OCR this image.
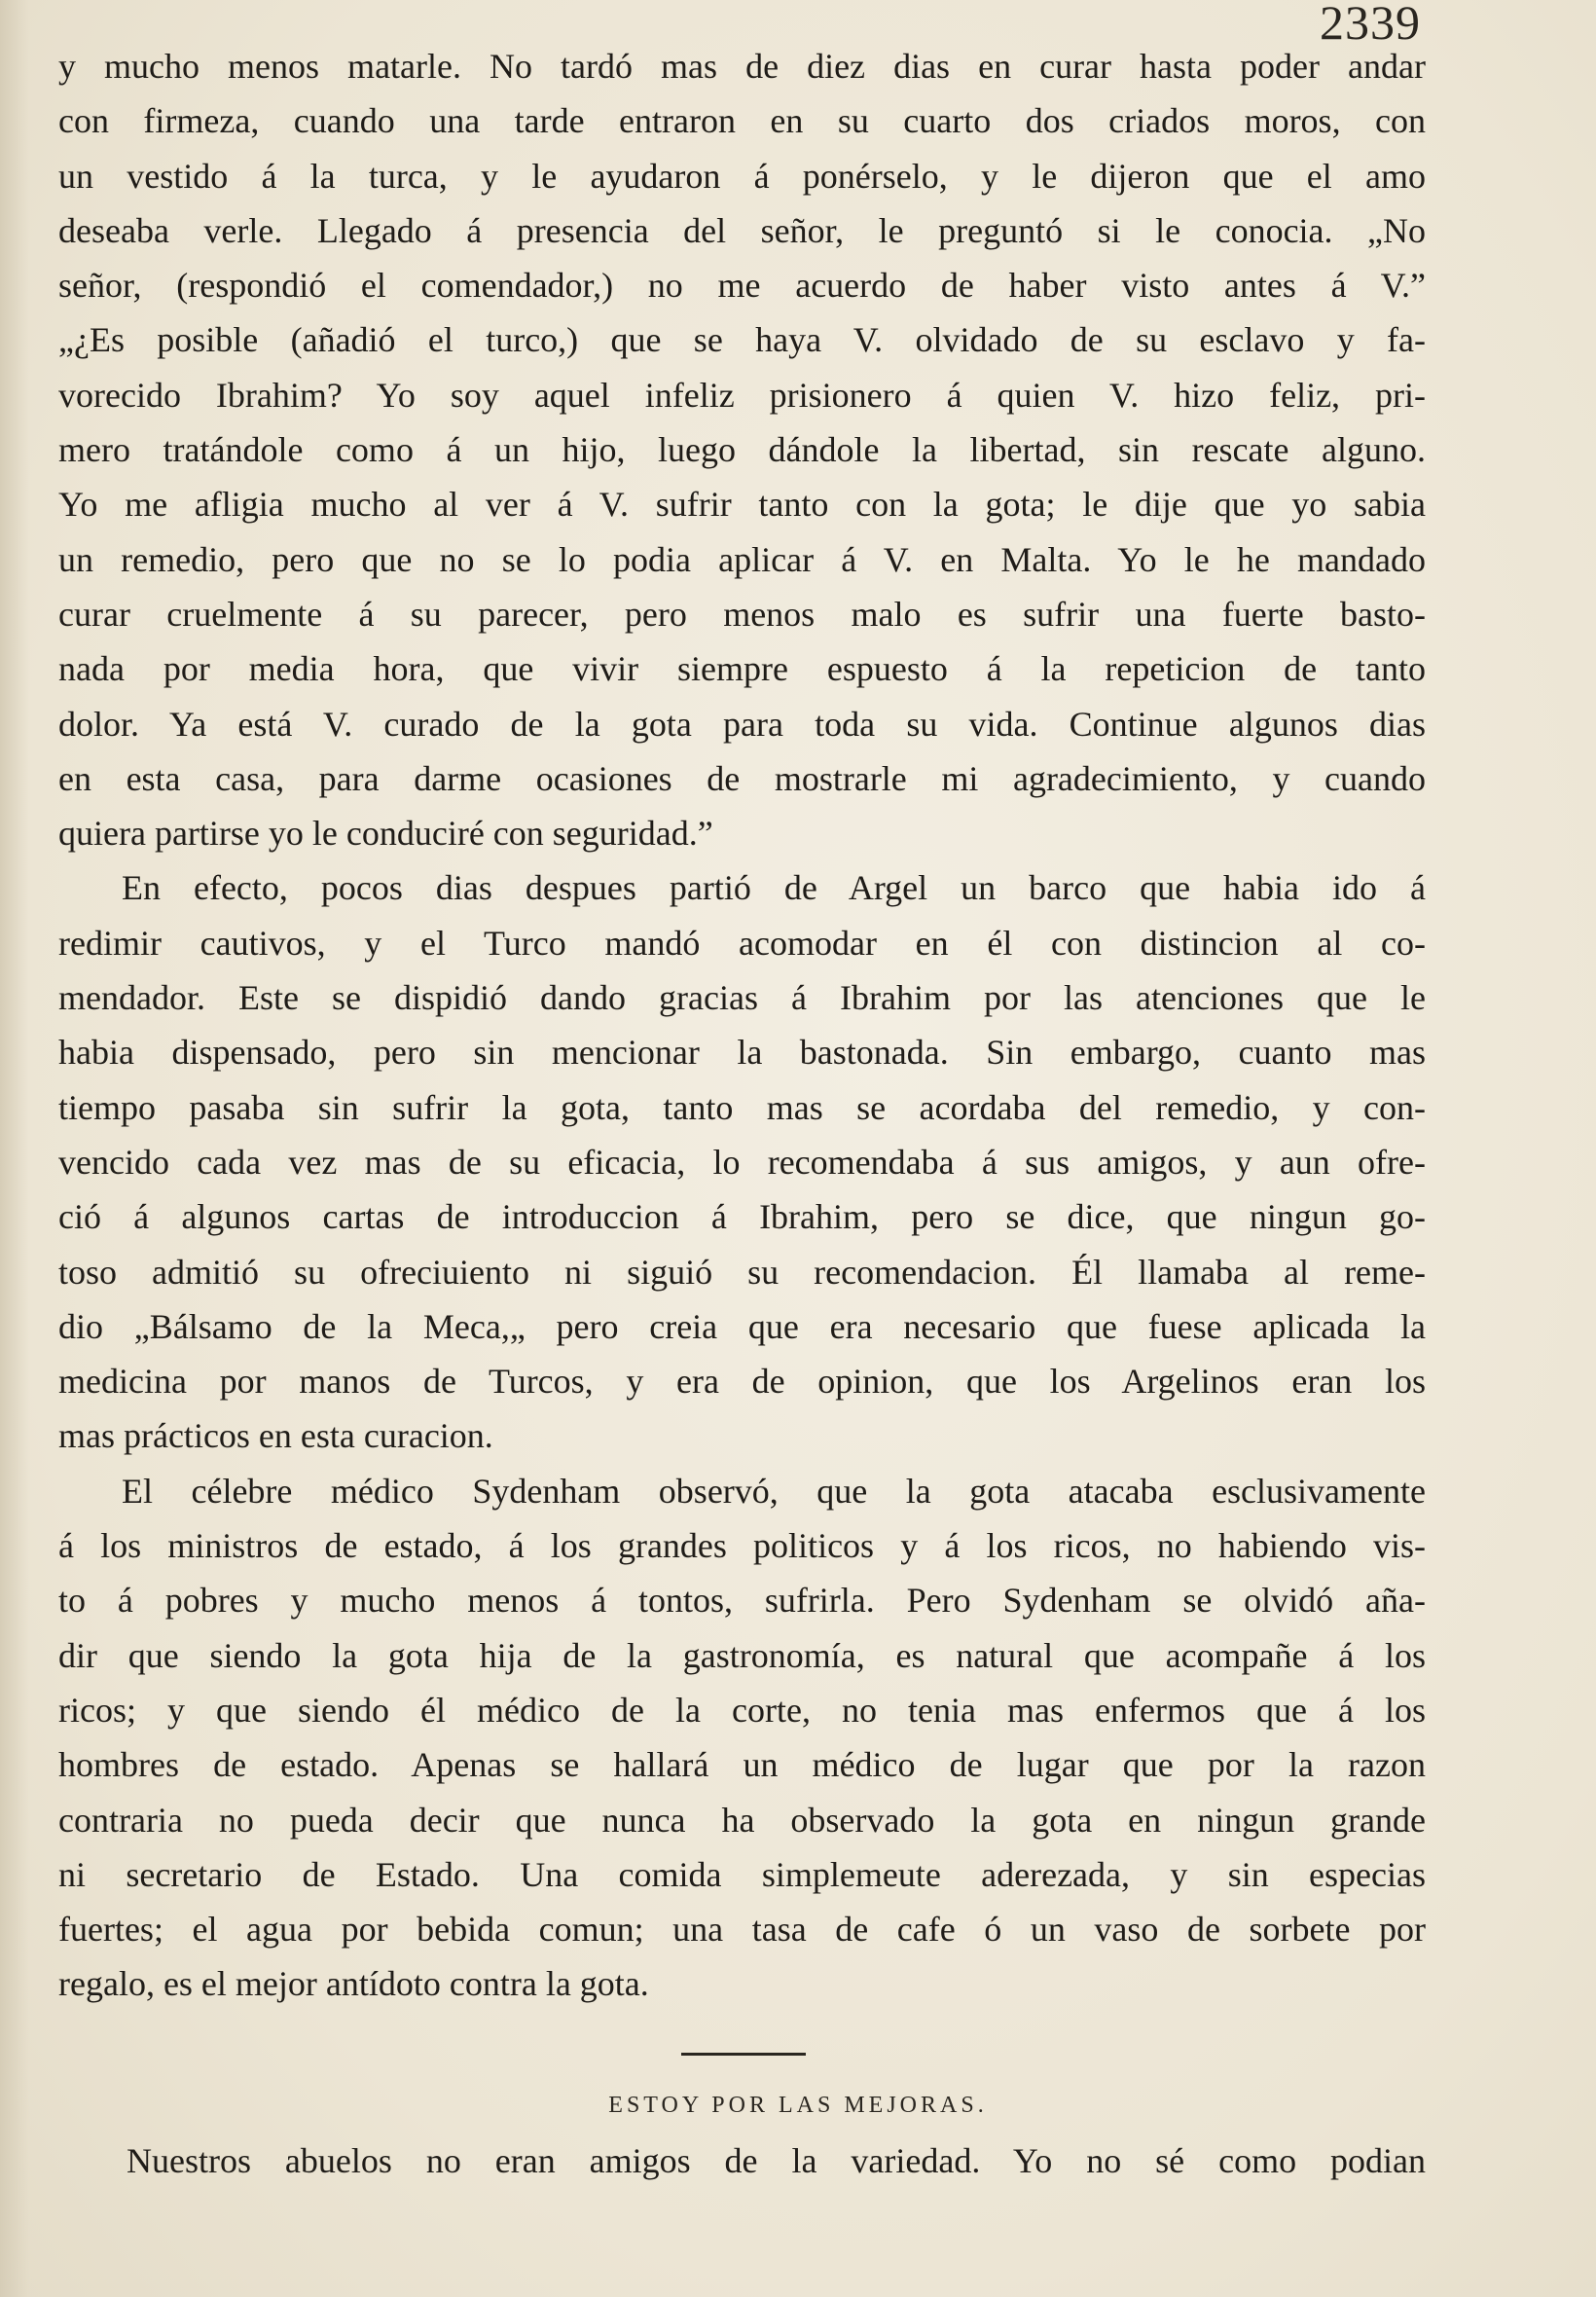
2339
y mucho menos matarle. No tardó mas de diez dias en curar hasta poder andar
con firmeza, cuando una tarde entraron en su cuarto dos criados moros, con
un vestido á la turca, y le ayudaron á ponérselo, y le dijeron que el amo
deseaba verle. Llegado á presencia del señor, le preguntó si le conocia. „No
señor, (respondió el comendador,) no me acuerdo de haber visto antes á V.”
„¿Es posible (añadió el turco,) que se haya V. olvidado de su esclavo y fa-
vorecido Ibrahim? Yo soy aquel infeliz prisionero á quien V. hizo feliz, pri-
mero tratándole como á un hijo, luego dándole la libertad, sin rescate alguno.
Yo me afligia mucho al ver á V. sufrir tanto con la gota; le dije que yo sabia
un remedio, pero que no se lo podia aplicar á V. en Malta. Yo le he mandado
curar cruelmente á su parecer, pero menos malo es sufrir una fuerte basto-
nada por media hora, que vivir siempre espuesto á la repeticion de tanto
dolor. Ya está V. curado de la gota para toda su vida. Continue algunos dias
en esta casa, para darme ocasiones de mostrarle mi agradecimiento, y cuando
quiera partirse yo le conduciré con seguridad.”
En efecto, pocos dias despues partió de Argel un barco que habia ido á
redimir cautivos, y el Turco mandó acomodar en él con distincion al co-
mendador. Este se dispidió dando gracias á Ibrahim por las atenciones que le
habia dispensado, pero sin mencionar la bastonada. Sin embargo, cuanto mas
tiempo pasaba sin sufrir la gota, tanto mas se acordaba del remedio, y con-
vencido cada vez mas de su eficacia, lo recomendaba á sus amigos, y aun ofre-
ció á algunos cartas de introduccion á Ibrahim, pero se dice, que ningun go-
toso admitió su ofreciuiento ni siguió su recomendacion. Él llamaba al reme-
dio „Bálsamo de la Meca,„ pero creia que era necesario que fuese aplicada la
medicina por manos de Turcos, y era de opinion, que los Argelinos eran los
mas prácticos en esta curacion.
El célebre médico Sydenham observó, que la gota atacaba esclusivamente
á los ministros de estado, á los grandes politicos y á los ricos, no habiendo vis-
to á pobres y mucho menos á tontos, sufrirla. Pero Sydenham se olvidó aña-
dir que siendo la gota hija de la gastronomía, es natural que acompañe á los
ricos; y que siendo él médico de la corte, no tenia mas enfermos que á los
hombres de estado. Apenas se hallará un médico de lugar que por la razon
contraria no pueda decir que nunca ha observado la gota en ningun grande
ni secretario de Estado. Una comida simplemeute aderezada, y sin especias
fuertes; el agua por bebida comun; una tasa de cafe ó un vaso de sorbete por
regalo, es el mejor antídoto contra la gota.
ESTOY POR LAS MEJORAS.
Nuestros abuelos no eran amigos de la variedad. Yo no sé como podian
